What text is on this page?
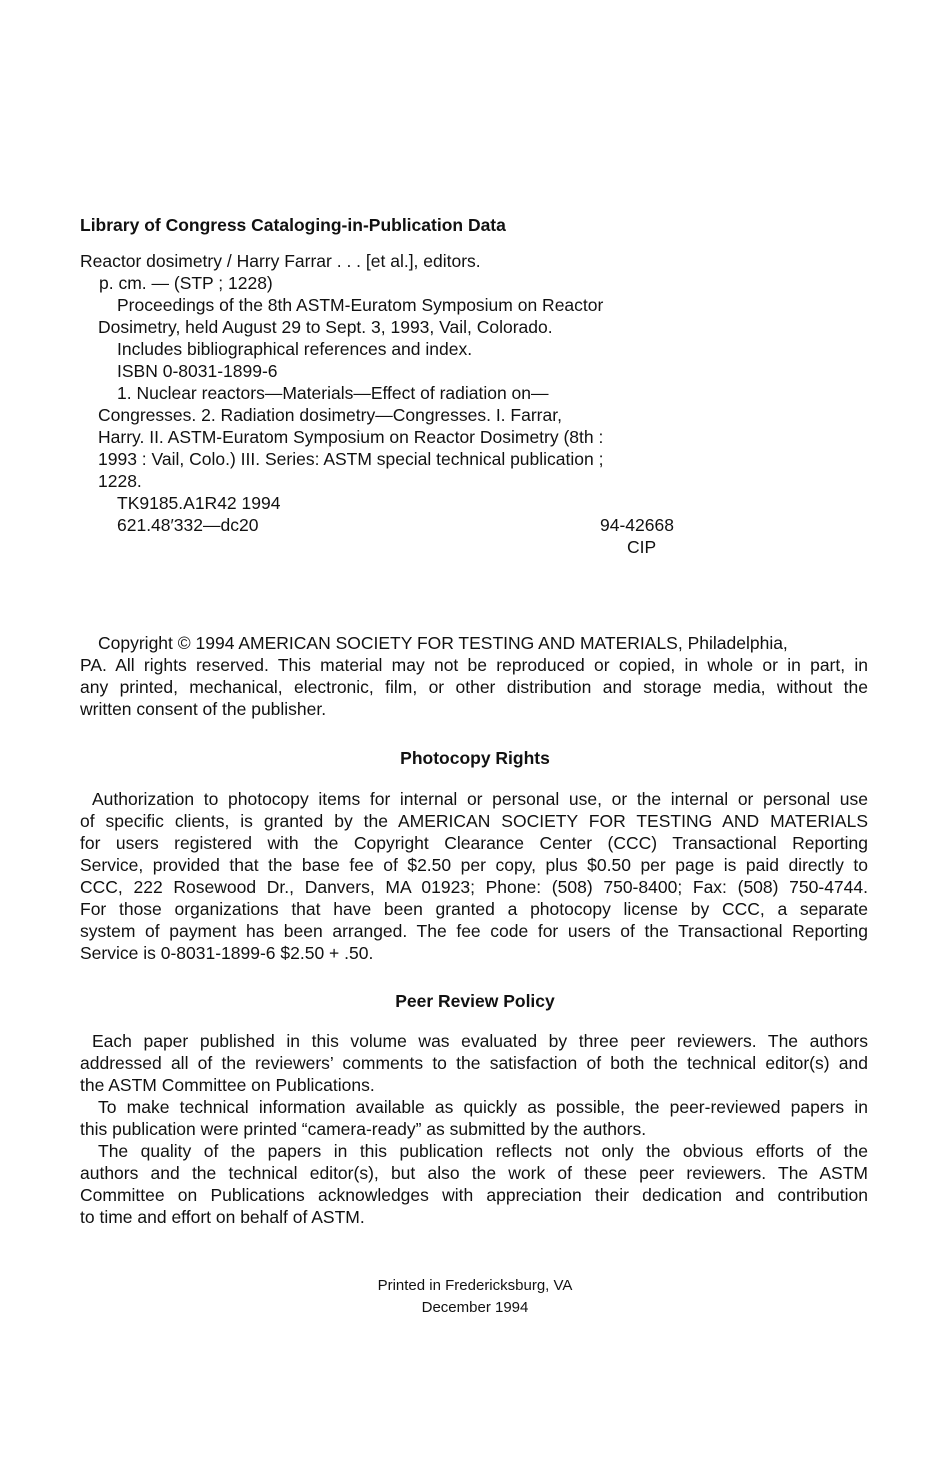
Library of Congress Cataloging-in-Publication Data
Reactor dosimetry / Harry Farrar . . . [et al.], editors.
p. cm. — (STP ; 1228)
Proceedings of the 8th ASTM-Euratom Symposium on Reactor
Dosimetry, held August 29 to Sept. 3, 1993, Vail, Colorado.
Includes bibliographical references and index.
ISBN 0-8031-1899-6
1. Nuclear reactors—Materials—Effect of radiation on—
Congresses. 2. Radiation dosimetry—Congresses. I. Farrar,
Harry. II. ASTM-Euratom Symposium on Reactor Dosimetry (8th :
1993 : Vail, Colo.) III. Series: ASTM special technical publication ;
1228.
TK9185.A1R42 1994
621.48′332—dc20	94-42668
CIP
Copyright © 1994 AMERICAN SOCIETY FOR TESTING AND MATERIALS, Philadelphia,
PA. All rights reserved. This material may not be reproduced or copied, in whole or in part, in
any printed, mechanical, electronic, film, or other distribution and storage media, without the
written consent of the publisher.
Photocopy Rights
Authorization to photocopy items for internal or personal use, or the internal or personal use
of specific clients, is granted by the AMERICAN SOCIETY FOR TESTING AND MATERIALS
for users registered with the Copyright Clearance Center (CCC) Transactional Reporting
Service, provided that the base fee of $2.50 per copy, plus $0.50 per page is paid directly to
CCC, 222 Rosewood Dr., Danvers, MA 01923; Phone: (508) 750-8400; Fax: (508) 750-4744.
For those organizations that have been granted a photocopy license by CCC, a separate
system of payment has been arranged. The fee code for users of the Transactional Reporting
Service is 0-8031-1899-6 $2.50 + .50.
Peer Review Policy
Each paper published in this volume was evaluated by three peer reviewers. The authors
addressed all of the reviewers’ comments to the satisfaction of both the technical editor(s) and
the ASTM Committee on Publications.
To make technical information available as quickly as possible, the peer-reviewed papers in
this publication were printed “camera-ready” as submitted by the authors.
The quality of the papers in this publication reflects not only the obvious efforts of the
authors and the technical editor(s), but also the work of these peer reviewers. The ASTM
Committee on Publications acknowledges with appreciation their dedication and contribution
to time and effort on behalf of ASTM.
Printed in Fredericksburg, VA
December 1994
